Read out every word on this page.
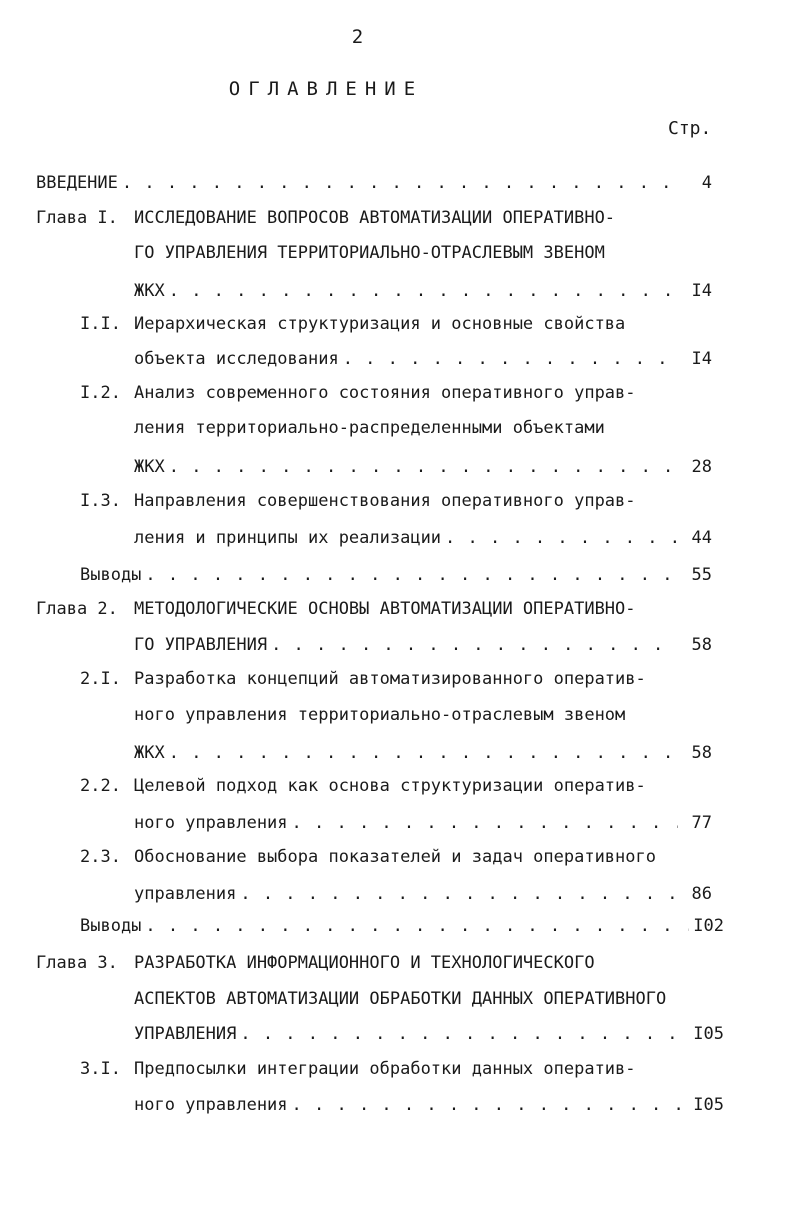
2
ОГЛАВЛЕНИЕ
Стр.
ВВЕДЕНИЕ . . .	4
Глава I. ИССЛЕДОВАНИЕ ВОПРОСОВ АВТОМАТИЗАЦИИ ОПЕРАТИВНО-
ГО УПРАВЛЕНИЯ ТЕРРИТОРИАЛЬНО-ОТРАСЛЕВЫМ ЗВЕНОМ
ЖКХ . . .	I4
I.I. Иерархическая структуризация и основные свойства
объекта исследования . . .	I4
I.2. Анализ современного состояния оперативного управ-
ления территориально-распределенными объектами
ЖКХ . . .	28
I.3. Направления совершенствования оперативного управ-
ления и принципы их реализации . . .	44
Выводы . . .	55
Глава 2. МЕТОДОЛОГИЧЕСКИЕ ОСНОВЫ АВТОМАТИЗАЦИИ ОПЕРАТИВНО-
ГО УПРАВЛЕНИЯ . . .	58
2.I. Разработка концепций автоматизированного оператив-
ного управления территориально-отраслевым звеном
ЖКХ . . .	58
2.2. Целевой подход как основа структуризации оператив-
ного управления . . .	77
2.3. Обоснование выбора показателей и задач оперативного
управления . . .	86
Выводы . . .	I02
Глава 3. РАЗРАБОТКА ИНФОРМАЦИОННОГО И ТЕХНОЛОГИЧЕСКОГО
АСПЕКТОВ АВТОМАТИЗАЦИИ ОБРАБОТКИ ДАННЫХ ОПЕРАТИВНОГО
УПРАВЛЕНИЯ . . .	I05
3.I. Предпосылки интеграции обработки данных оператив-
ного управления . . .	I05
